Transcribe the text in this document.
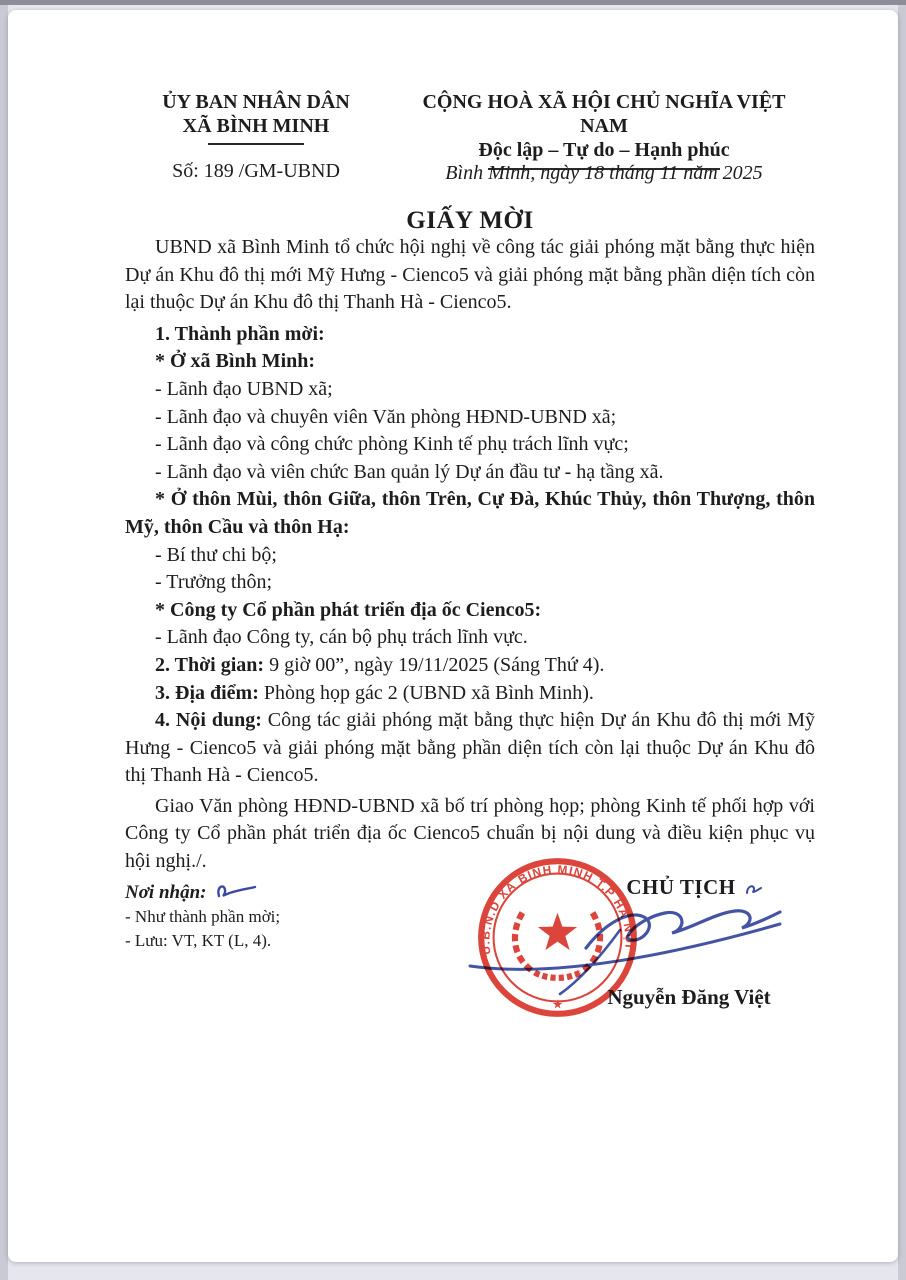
ỦY BAN NHÂN DÂN
XÃ BÌNH MINH
CỘNG HOÀ XÃ HỘI CHỦ NGHĨA VIỆT NAM
Độc lập – Tự do – Hạnh phúc
Số: 189 /GM-UBND	Bình Minh, ngày 18 tháng 11 năm 2025
GIẤY MỜI

UBND xã Bình Minh tổ chức hội nghị về công tác giải phóng mặt bằng thực hiện Dự án Khu đô thị mới Mỹ Hưng - Cienco5 và giải phóng mặt bằng phần diện tích còn lại thuộc Dự án Khu đô thị Thanh Hà - Cienco5.

1. Thành phần mời:

* Ở xã Bình Minh:

- Lãnh đạo UBND xã;

- Lãnh đạo và chuyên viên Văn phòng HĐND-UBND xã;

- Lãnh đạo và công chức phòng Kinh tế phụ trách lĩnh vực;

- Lãnh đạo và viên chức Ban quản lý Dự án đầu tư - hạ tầng xã.

* Ở thôn Mùi, thôn Giữa, thôn Trên, Cự Đà, Khúc Thủy, thôn Thượng, thôn Mỹ, thôn Cầu và thôn Hạ:

- Bí thư chi bộ;

- Trưởng thôn;

* Công ty Cổ phần phát triển địa ốc Cienco5:

- Lãnh đạo Công ty, cán bộ phụ trách lĩnh vực.

2. Thời gian: 9 giờ 00”, ngày 19/11/2025 (Sáng Thứ 4).

3. Địa điểm: Phòng họp gác 2 (UBND xã Bình Minh).

4. Nội dung: Công tác giải phóng mặt bằng thực hiện Dự án Khu đô thị mới Mỹ Hưng - Cienco5 và giải phóng mặt bằng phần diện tích còn lại thuộc Dự án Khu đô thị Thanh Hà - Cienco5.

Giao Văn phòng HĐND-UBND xã bố trí phòng họp; phòng Kinh tế phối hợp với Công ty Cổ phần phát triển địa ốc Cienco5 chuẩn bị nội dung và điều kiện phục vụ hội nghị./.

Nơi nhận:
- Như thành phần mời;
- Lưu: VT, KT (L, 4).	U.B.N.D XÃ BÌNH MINH T.P HÀ NỘI
★
CHỦ TỊCH
Nguyễn Đăng Việt
